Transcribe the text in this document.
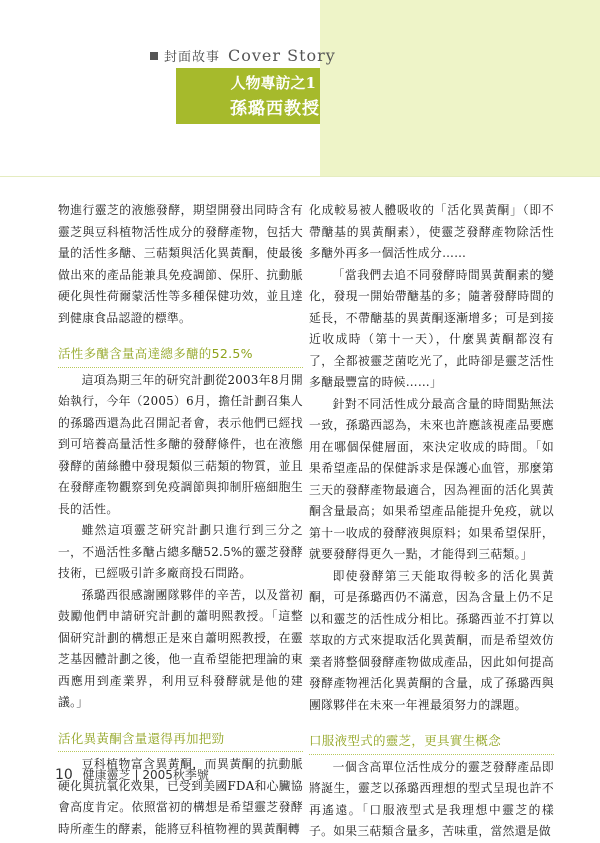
封面故事 Cover Story
人物專訪之1
孫璐西教授

物進行靈芝的液態發酵，期望開發出同時含有靈芝與豆科植物活性成分的發酵產物，包括大量的活性多醣、三萜類與活化異黃酮，使最後做出來的產品能兼具免疫調節、保肝、抗動脈硬化與性荷爾蒙活性等多種保健功效，並且達到健康食品認證的標準。

活性多醣含量高達總多醣的52.5%

這項為期三年的研究計劃從2003年8月開始執行，今年（2005）6月，擔任計劃召集人的孫璐西還為此召開記者會，表示他們已經找到可培養高量活性多醣的發酵條件，也在液態發酵的菌絲體中發現類似三萜類的物質，並且在發酵產物觀察到免疫調節與抑制肝癌細胞生長的活性。

雖然這項靈芝研究計劃只進行到三分之一，不過活性多醣占總多醣52.5%的靈芝發酵技術，已經吸引許多廠商投石問路。

孫璐西很感謝團隊夥伴的辛苦，以及當初鼓勵他們申請研究計劃的蕭明熙教授。「這整個研究計劃的構想正是來自蕭明熙教授，在靈芝基因體計劃之後，他一直希望能把理論的東西應用到產業界，利用豆科發酵就是他的建議。」

活化異黃酮含量還得再加把勁

豆科植物富含異黃酮，而異黃酮的抗動脈硬化與抗氧化效果，已受到美國FDA和心臟協會高度肯定。依照當初的構想是希望靈芝發酵時所產生的酵素，能將豆科植物裡的異黃酮轉

化成較易被人體吸收的「活化異黃酮」（即不帶醣基的異黃酮素），使靈芝發酵產物除活性多醣外再多一個活性成分……

「當我們去追不同發酵時間異黃酮素的變化，發現一開始帶醣基的多；隨著發酵時間的延長，不帶醣基的異黃酮逐漸增多；可是到接近收成時（第十一天），什麼異黃酮都沒有了，全都被靈芝菌吃光了，此時卻是靈芝活性多醣最豐富的時候……」

針對不同活性成分最高含量的時間點無法一致，孫璐西認為，未來也許應該視產品要應用在哪個保健層面，來決定收成的時間。「如果希望產品的保健訴求是保護心血管，那麼第三天的發酵產物最適合，因為裡面的活化異黃酮含量最高；如果希望產品能提升免疫，就以第十一收成的發酵液與原料；如果希望保肝，就要發酵得更久一點，才能得到三萜類。」

即使發酵第三天能取得較多的活化異黃酮，可是孫璐西仍不滿意，因為含量上仍不足以和靈芝的活性成分相比。孫璐西並不打算以萃取的方式來提取活化異黃酮，而是希望效仿業者將整個發酵產物做成產品，因此如何提高發酵產物裡活化異黃酮的含量，成了孫璐西與團隊夥伴在未來一年裡最須努力的課題。

口服液型式的靈芝，更具實生概念

一個含高單位活性成分的靈芝發酵產品即將誕生，靈芝以孫璐西理想的型式呈現也許不再遙遠。「口服液型式是我理想中靈芝的樣子。如果三萜類含量多，苦味重，當然還是做

10 健康靈芝 | 2005秋季號
